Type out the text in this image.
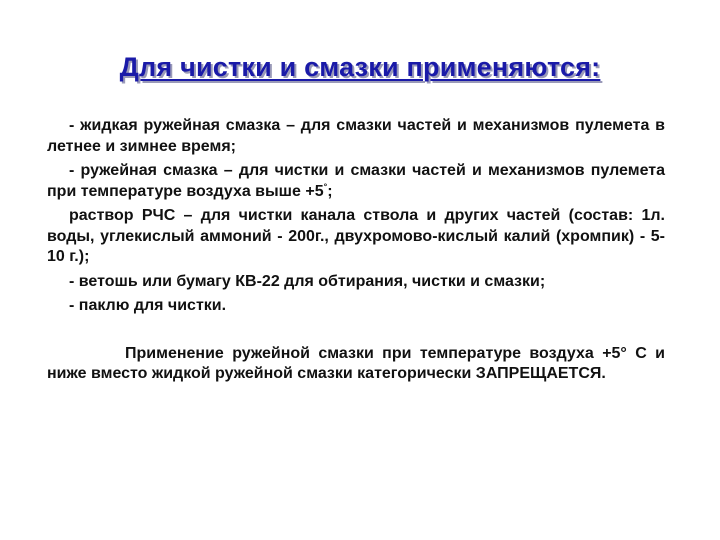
Для чистки и смазки применяются:

- жидкая ружейная смазка – для смазки частей и механизмов пулемета в летнее и зимнее время;

- ружейная смазка – для чистки и смазки частей и механизмов пулемета при температуре воздуха выше +5°;

раствор РЧС – для чистки канала ствола и других частей (состав: 1л. воды, углекислый аммоний - 200г., двухромово-кислый калий (хромпик) - 5-10 г.);

- ветошь или бумагу КВ-22 для обтирания, чистки и смазки;

- паклю для чистки.

Применение ружейной смазки при температуре воздуха +5° С и ниже вместо жидкой ружейной смазки категорически ЗАПРЕЩАЕТСЯ.
